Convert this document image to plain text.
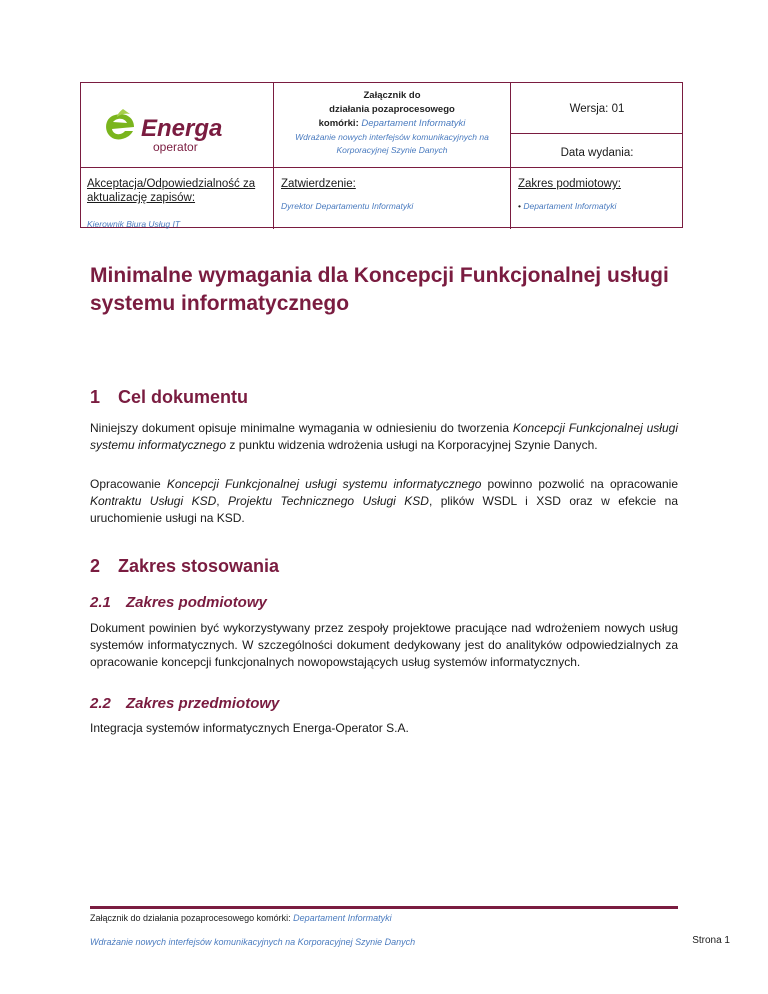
Energa
operator
Załącznik do
działania pozaprocesowego
komórki: Departament Informatyki
Wdrażanie nowych interfejsów komunikacyjnych na Korporacyjnej Szynie Danych
Wersja: 01
Data wydania:
Akceptacja/Odpowiedzialność za aktualizację zapisów:
Kierownik Biura Usług IT
Zatwierdzenie:
Dyrektor Departamentu Informatyki
Zakres podmiotowy:
• Departament Informatyki
Minimalne wymagania dla Koncepcji Funkcjonalnej usługi systemu informatycznego
1 Cel dokumentu

Niniejszy dokument opisuje minimalne wymagania w odniesieniu do tworzenia Koncepcji Funkcjonalnej usługi systemu informatycznego z punktu widzenia wdrożenia usługi na Korporacyjnej Szynie Danych.

Opracowanie Koncepcji Funkcjonalnej usługi systemu informatycznego powinno pozwolić na opracowanie Kontraktu Usługi KSD, Projektu Technicznego Usługi KSD, plików WSDL i XSD oraz w efekcie na uruchomienie usługi na KSD.

2 Zakres stosowania
2.1 Zakres podmiotowy

Dokument powinien być wykorzystywany przez zespoły projektowe pracujące nad wdrożeniem nowych usług systemów informatycznych. W szczególności dokument dedykowany jest do analityków odpowiedzialnych za opracowanie koncepcji funkcjonalnych nowopowstających usług systemów informatycznych.

2.2 Zakres przedmiotowy

Integracja systemów informatycznych Energa-Operator S.A.

Załącznik do działania pozaprocesowego komórki: Departament Informatyki
Wdrażanie nowych interfejsów komunikacyjnych na Korporacyjnej Szynie Danych	Strona 1
